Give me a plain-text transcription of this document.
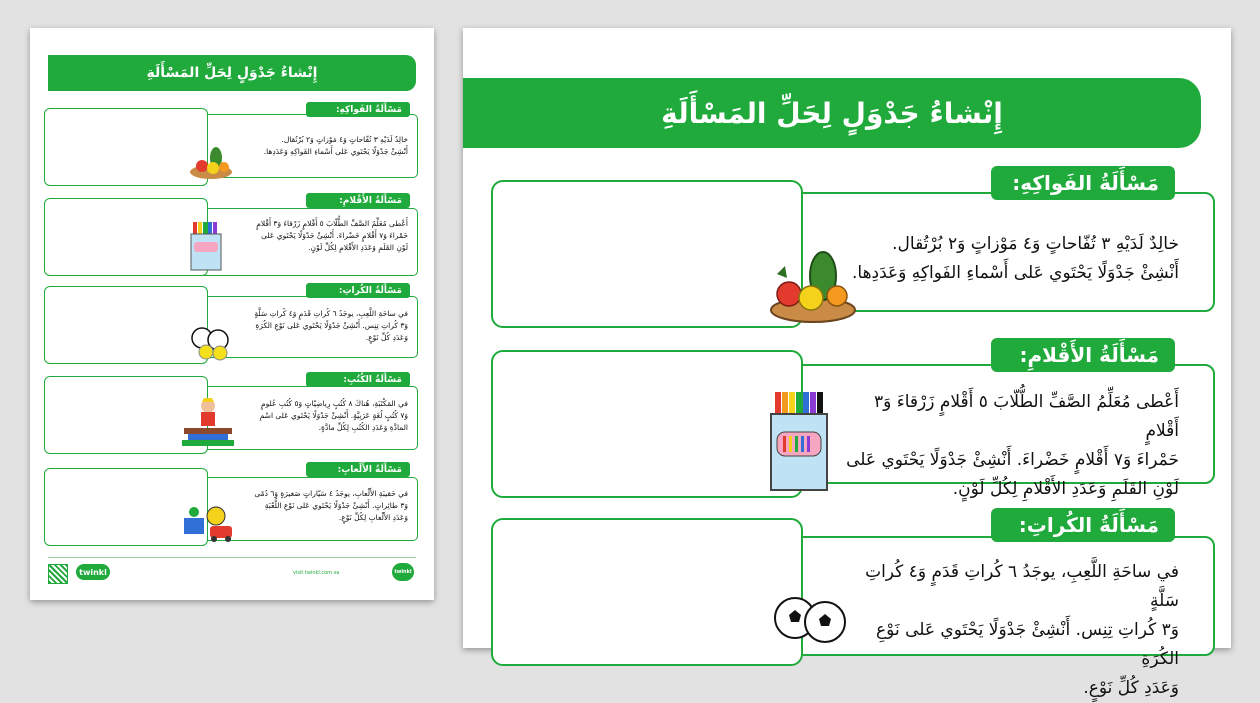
إِنْشاءُ جَدْوَلٍ لِحَلِّ المَسْأَلَةِ
مَسْأَلَةُ الفَواكِهِ:
خالِدٌ لَدَيْهِ ٣ تُفّاحاتٍ وَ٤ مَوْزاتٍ وَ٢ بُرْتُقال.
أَنْشِئْ جَدْوَلًا يَحْتَوي عَلى أَسْماءِ الفَواكِهِ وَعَدَدِها.
مَسْأَلَةُ الأَقْلامِ:
أَعْطى مُعَلِّمُ الصَّفِّ الطُّلّابَ ٥ أَقْلامٍ زَرْقاءَ وَ٣ أَقْلامٍ
حَمْراءَ وَ٧ أَقْلامٍ خَضْراءَ. أَنْشِئْ جَدْوَلًا يَحْتَوي عَلى
لَوْنِ القَلَمِ وَعَدَدِ الأَقْلامِ لِكُلِّ لَوْنٍ.
مَسْأَلَةُ الكُراتِ:
في ساحَةِ اللَّعِبِ، يوجَدُ ٦ كُراتِ قَدَمٍ وَ٤ كُراتِ سَلَّةٍ
وَ٣ كُراتِ تِنِس. أَنْشِئْ جَدْوَلًا يَحْتَوي عَلى نَوْعِ الكُرَةِ
وَعَدَدِ كُلِّ نَوْعٍ.
مَسْأَلَةُ الكُتُبِ:
في المَكْتَبَةِ، هُناكَ ٨ كُتُبٍ رِياضِيّاتٍ وَ٥ كُتُبِ عُلومٍ
وَ٧ كُتُبٍ لُغَةٍ عَرَبِيَّةٍ. أَنْشِئْ جَدْوَلًا يَحْتَوي عَلى اسْمِ
المادَّةِ وَعَدَدِ الكُتُبِ لِكُلِّ مادَّةٍ.
مَسْأَلَةُ الأَلْعابِ:
في حَقيبَةِ الأَلْعابِ، يوجَدُ ٤ سَيّاراتٍ صَغيرَةٍ وَ٦ دُمًى
وَ٣ طائِراتٍ. أَنْشِئْ جَدْوَلًا يَحْتَوي عَلى نَوْعِ اللُّعْبَةِ
وَعَدَدِ الأَلْعابِ لِكُلِّ نَوْعٍ.
twinkl	visit twinkl.com.sa	twinkl
إِنْشاءُ جَدْوَلٍ لِحَلِّ المَسْأَلَةِ
مَسْأَلَةُ الفَواكِهِ:
خالِدٌ لَدَيْهِ ٣ تُفّاحاتٍ وَ٤ مَوْزاتٍ وَ٢ بُرْتُقال.
أَنْشِئْ جَدْوَلًا يَحْتَوي عَلى أَسْماءِ الفَواكِهِ وَعَدَدِها.
مَسْأَلَةُ الأَقْلامِ:
أَعْطى مُعَلِّمُ الصَّفِّ الطُّلّابَ ٥ أَقْلامٍ زَرْقاءَ وَ٣ أَقْلامٍ
حَمْراءَ وَ٧ أَقْلامٍ خَضْراءَ. أَنْشِئْ جَدْوَلًا يَحْتَوي عَلى
لَوْنِ القَلَمِ وَعَدَدِ الأَقْلامِ لِكُلِّ لَوْنٍ.
مَسْأَلَةُ الكُراتِ:
في ساحَةِ اللَّعِبِ، يوجَدُ ٦ كُراتِ قَدَمٍ وَ٤ كُراتِ سَلَّةٍ
وَ٣ كُراتِ تِنِس. أَنْشِئْ جَدْوَلًا يَحْتَوي عَلى نَوْعِ الكُرَةِ
وَعَدَدِ كُلِّ نَوْعٍ.
